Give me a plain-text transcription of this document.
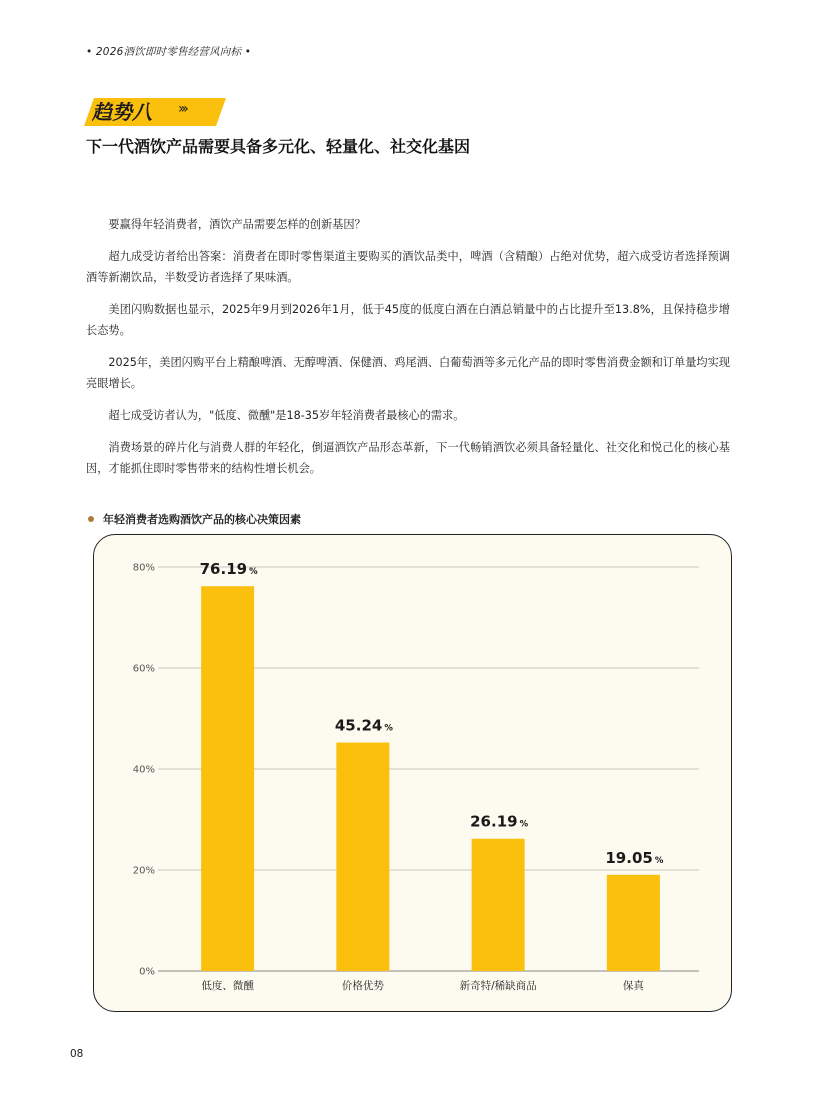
• 2026酒饮即时零售经营风向标 •
趋势八 ›››
下一代酒饮产品需要具备多元化、轻量化、社交化基因

要赢得年轻消费者，酒饮产品需要怎样的创新基因？

超九成受访者给出答案：消费者在即时零售渠道主要购买的酒饮品类中，啤酒（含精酿）占绝对优势，超六成受访者选择预调酒等新潮饮品，半数受访者选择了果味酒。

美团闪购数据也显示，2025年9月到2026年1月，低于45度的低度白酒在白酒总销量中的占比提升至13.8%，且保持稳步增长态势。

2025年，美团闪购平台上精酿啤酒、无醇啤酒、保健酒、鸡尾酒、白葡萄酒等多元化产品的即时零售消费金额和订单量均实现亮眼增长。

超七成受访者认为，"低度、微醺"是18-35岁年轻消费者最核心的需求。

消费场景的碎片化与消费人群的年轻化，倒逼酒饮产品形态革新，下一代畅销酒饮必须具备轻量化、社交化和悦己化的核心基因，才能抓住即时零售带来的结构性增长机会。

年轻消费者选购酒饮产品的核心决策因素
0%
20%
40%
60%
80%	76.19 %
低度、微醺
45.24 %
价格优势
26.19 %
新奇特/稀缺商品
19.05 %
保真
08
